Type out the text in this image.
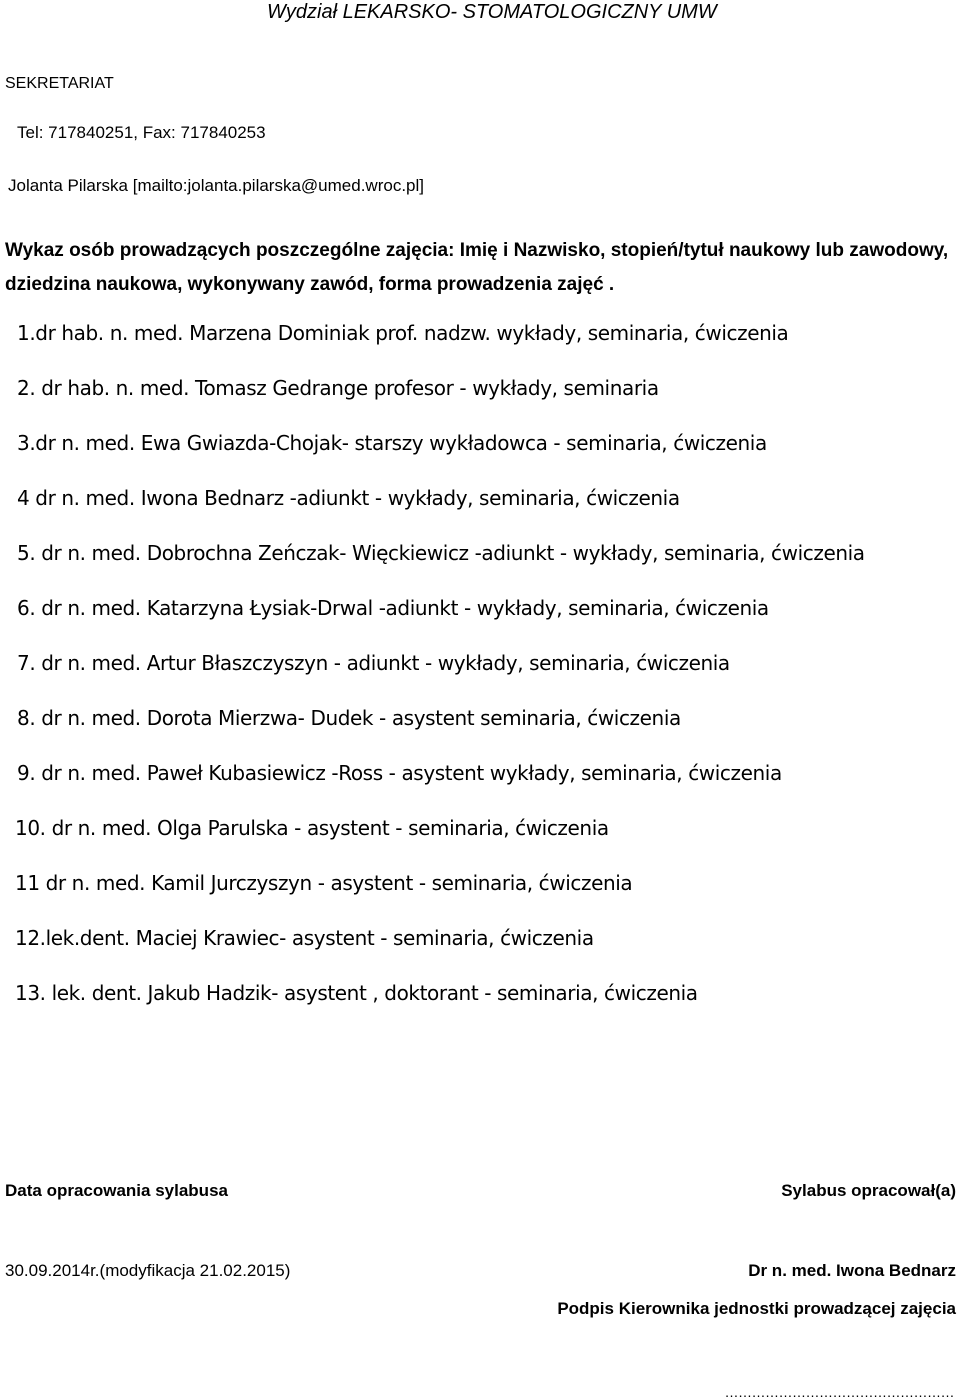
Wydział LEKARSKO- STOMATOLOGICZNY UMW
SEKRETARIAT
Tel: 717840251, Fax: 717840253
Jolanta Pilarska [mailto:jolanta.pilarska@umed.wroc.pl]
Wykaz osób prowadzących poszczególne zajęcia: Imię i Nazwisko, stopień/tytuł naukowy lub zawodowy, dziedzina naukowa, wykonywany zawód, forma prowadzenia zajęć .
1.dr hab. n. med. Marzena Dominiak prof. nadzw. wykłady, seminaria, ćwiczenia
2. dr hab. n. med. Tomasz Gedrange profesor - wykłady, seminaria
3.dr n. med. Ewa Gwiazda-Chojak- starszy wykładowca - seminaria, ćwiczenia
4 dr n. med. Iwona Bednarz -adiunkt - wykłady, seminaria, ćwiczenia
5. dr n. med. Dobrochna Zeńczak- Więckiewicz -adiunkt - wykłady, seminaria, ćwiczenia
6. dr n. med. Katarzyna Łysiak-Drwal -adiunkt - wykłady, seminaria, ćwiczenia
7. dr n. med. Artur Błaszczyszyn - adiunkt - wykłady, seminaria, ćwiczenia
8. dr n. med. Dorota Mierzwa- Dudek - asystent seminaria, ćwiczenia
9. dr n. med. Paweł Kubasiewicz -Ross - asystent wykłady, seminaria, ćwiczenia
10. dr n. med. Olga Parulska - asystent - seminaria, ćwiczenia
11 dr n. med. Kamil Jurczyszyn - asystent - seminaria, ćwiczenia
12.lek.dent. Maciej Krawiec- asystent - seminaria, ćwiczenia
13. lek. dent. Jakub Hadzik- asystent , doktorant - seminaria, ćwiczenia
Data opracowania sylabusa	Sylabus opracował(a)
30.09.2014r.(modyfikacja 21.02.2015)	Dr n. med. Iwona Bednarz
Podpis Kierownika jednostki prowadzącej zajęcia
……………………………………………
